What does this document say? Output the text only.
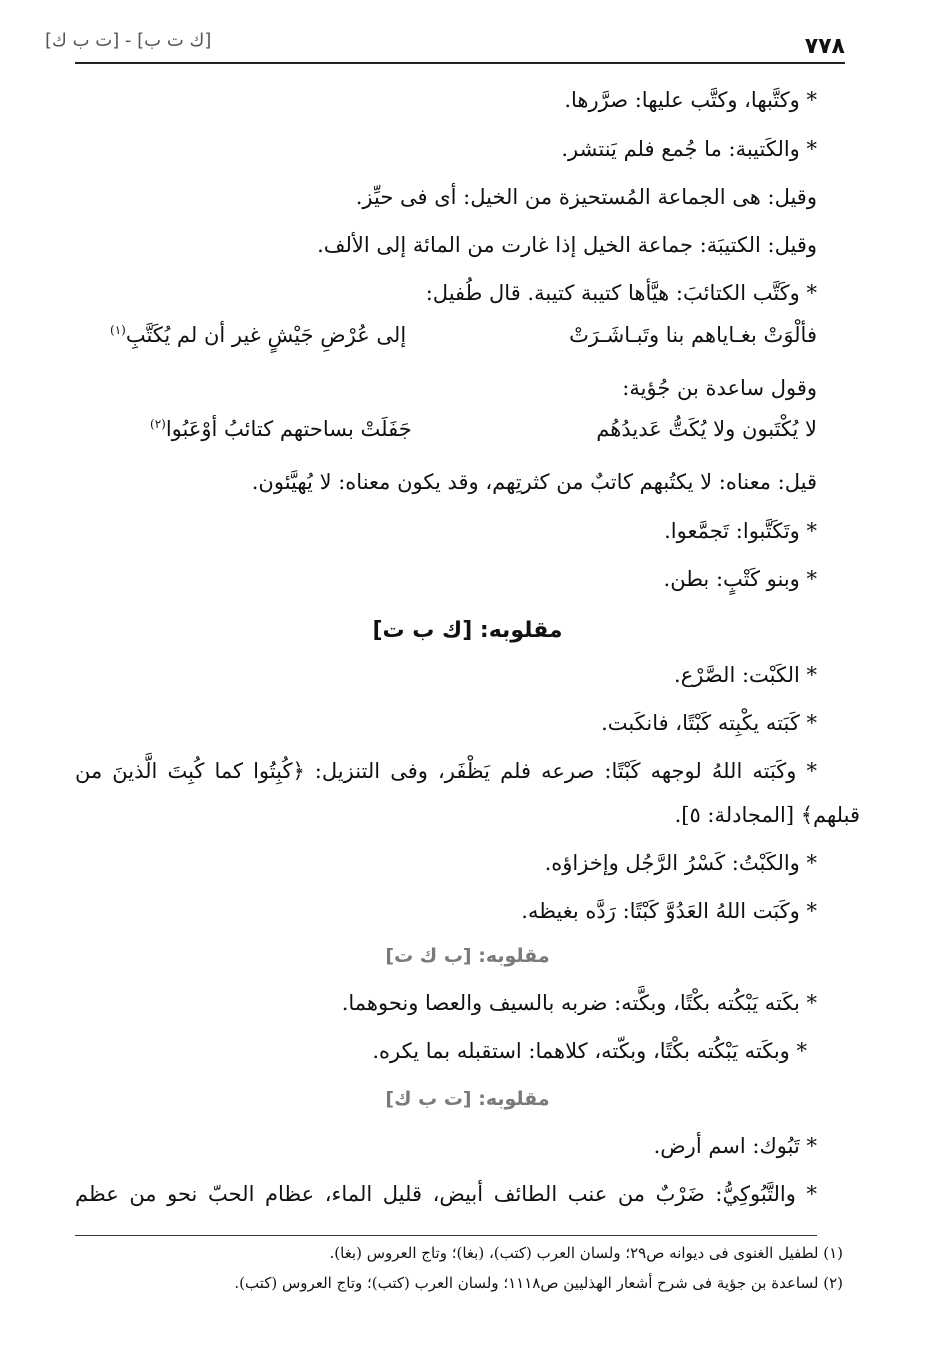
[ك ت ب] - [ت ب ك]	٧٧٨
* وكتَّبها، وكتَّب عليها: صرَّرها.
* والكَتيبة: ما جُمع فلم يَنتشر.
وقيل: هى الجماعة المُستحيزة من الخيل: أى فى حيِّز.
وقيل: الكتيبَة: جماعة الخيل إذا غارت من المائة إلى الألف.
* وكَتَّب الكتائبَ: هيَّأها كتيبة كتيبة. قال طُفيل:
فألْوَتْ بغـاياهم بنا وتَبـاشَـرَتْ
إلى عُرْضِ جَيْشٍ غير أن لم يُكَتَّبِ$^{(١)}$
وقول ساعدة بن جُؤية:
لا يُكْتَبون ولا يُكَتُّ عَديدُهُم
جَفَلَتْ بساحتهم كتائبُ أوْعَبُوا$^{(٢)}$
قيل: معناه: لا يكتُبهم كاتبٌ من كثرتِهم، وقد يكون معناه: لا يُهيَّئون.
* وتَكَتَّبوا: تَجمَّعوا.
* وبنو كَتْبٍ: بطن.
مقلوبه: [ك ب ت]
* الكَبْت: الصَّرْع.
* كَبَته يكْبِته كَبْتًا، فانكَبت.
* وكَبَته اللهُ لوجهه كَبْتًا: صرعه فلم يَظْفَر، وفى التنزيل: ﴿كُبِتُوا كما كُبِتَ الَّذينَ من
قبلهم﴾ [المجادلة: ٥].
* والكَبْتُ: كَسْرُ الرَّجُل وإخزاؤه.
* وكَبَت اللهُ العَدُوَّ كَبْتًا: رَدَّه بغيظه.
مقلوبه: [ب ك ت]
* بكَته يَبْكُته بكْتًا، وبكَّته: ضربه بالسيف والعصا ونحوهما.
* وبكَته يَبْكُته بكْتًا، وبكّته، كلاهما: استقبله بما يكره.
مقلوبه: [ت ب ك]
* تَبُوك: اسم أرض.
* والتَّبُوكِيُّ: ضَرْبٌ من عنب الطائف أبيض، قليل الماء، عظام الحبّ نحو من عظم
(١) لطفيل الغنوى فى ديوانه ص٢٩؛ ولسان العرب (كتب)، (بغا)؛ وتاج العروس (بغا).
(٢) لساعدة بن جؤية فى شرح أشعار الهذليين ص١١١٨؛ ولسان العرب (كتب)؛ وتاج العروس (كتب).
